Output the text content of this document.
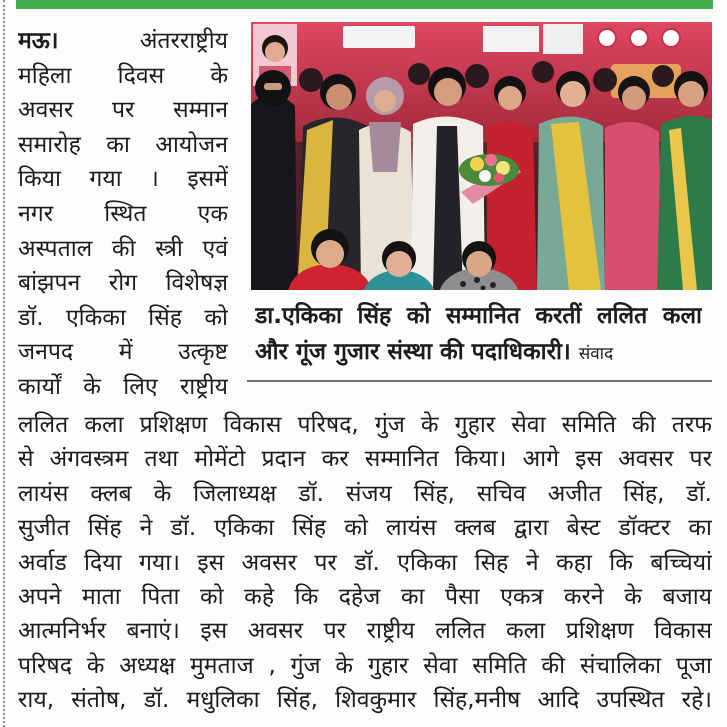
मऊ।	अंतरराष्ट्रीय
महिला दिवस के
अवसर पर सम्मान
समारोह का आयोजन
किया गया । इसमें
नगर स्थित एक
अस्पताल की स्त्री एवं
बांझपन रोग विशेषज्ञ
डॉ. एकिका सिंह को
जनपद में उत्कृष्ट
कार्यों के लिए राष्ट्रीय
डा.एकिका सिंह को सम्मानित करतीं ललित कला
और गूंज गुजार संस्था की पदाधिकारी। संवाद
ललित कला प्रशिक्षण विकास परिषद, गुंज के गुहार सेवा समिति की तरफ
से अंगवस्त्रम तथा मोमेंटो प्रदान कर सम्मानित किया। आगे इस अवसर पर
लायंस क्लब के जिलाध्यक्ष डॉ. संजय सिंह, सचिव अजीत सिंह, डॉ.
सुजीत सिंह ने डॉ. एकिका सिंह को लायंस क्लब द्वारा बेस्ट डॉक्टर का
अर्वाड दिया गया। इस अवसर पर डॉ. एकिका सिह ने कहा कि बच्चियां
अपने माता पिता को कहे कि दहेज का पैसा एकत्र करने के बजाय
आत्मनिर्भर बनाएं। इस अवसर पर राष्ट्रीय ललित कला प्रशिक्षण विकास
परिषद के अध्यक्ष मुमताज , गुंज के गुहार सेवा समिति की संचालिका पूजा
राय, संतोष, डॉ. मधुलिका सिंह, शिवकुमार सिंह,मनीष आदि उपस्थित रहे।
